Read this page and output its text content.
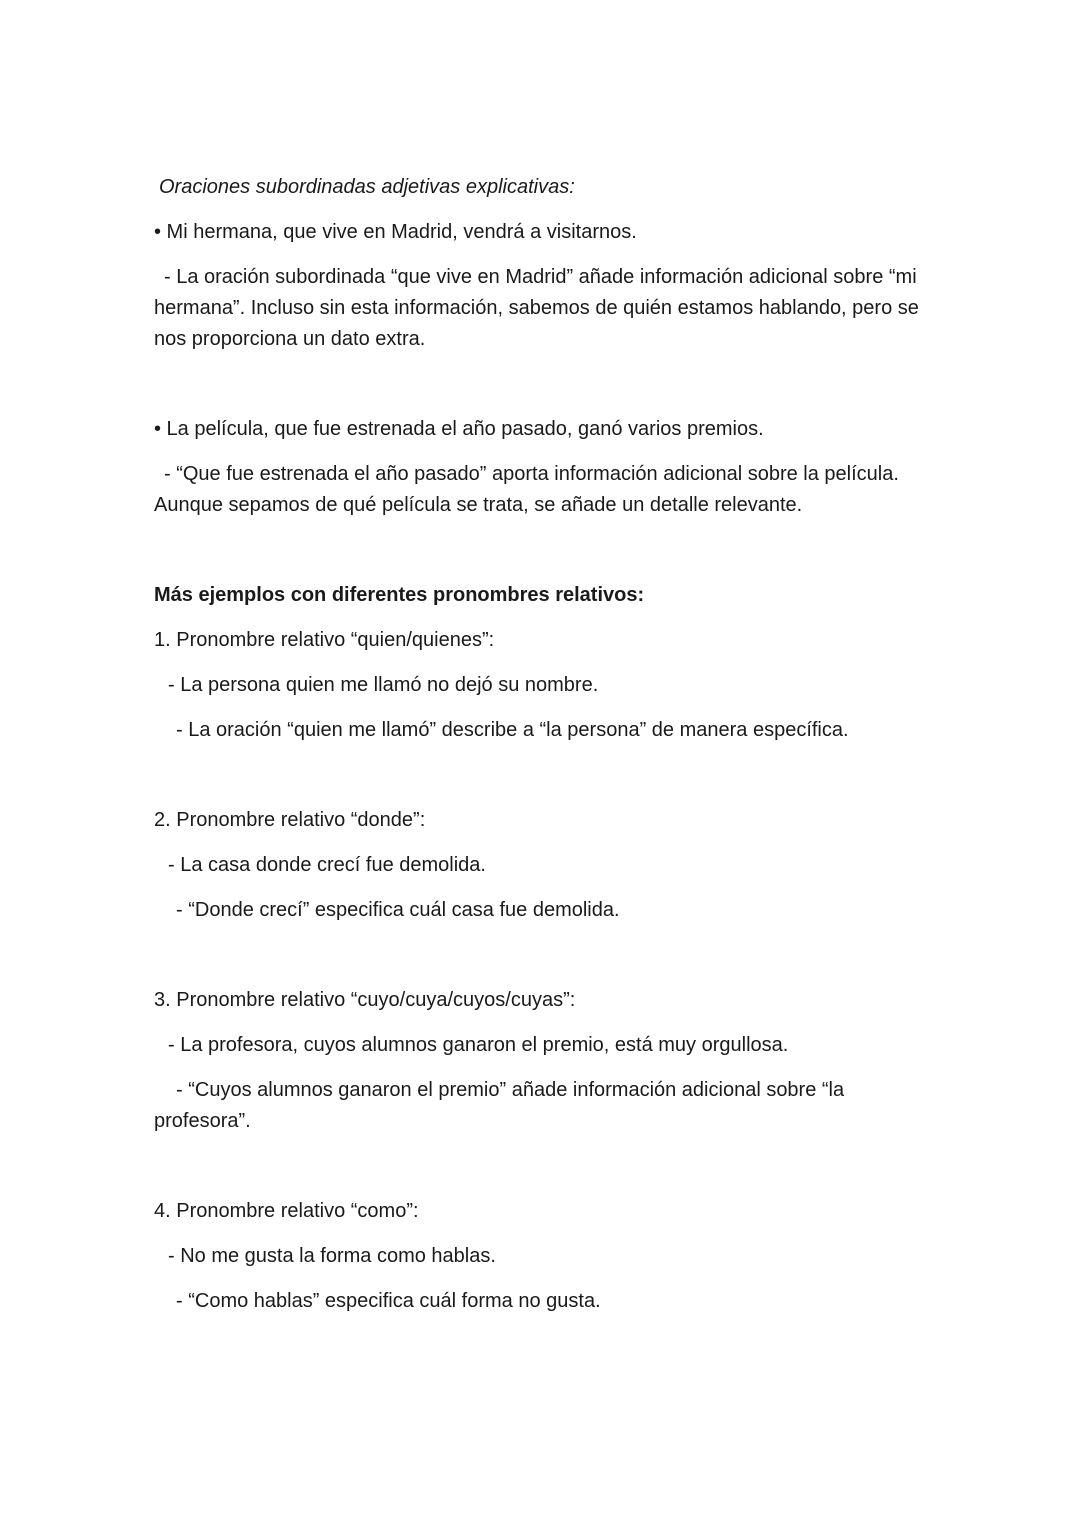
Oraciones subordinadas adjetivas explicativas:

• Mi hermana, que vive en Madrid, vendrá a visitarnos.

- La oración subordinada “que vive en Madrid” añade información adicional sobre “mi hermana”. Incluso sin esta información, sabemos de quién estamos hablando, pero se nos proporciona un dato extra.

• La película, que fue estrenada el año pasado, ganó varios premios.

- “Que fue estrenada el año pasado” aporta información adicional sobre la película. Aunque sepamos de qué película se trata, se añade un detalle relevante.

Más ejemplos con diferentes pronombres relativos:

1. Pronombre relativo “quien/quienes”:

- La persona quien me llamó no dejó su nombre.

- La oración “quien me llamó” describe a “la persona” de manera específica.

2. Pronombre relativo “donde”:

- La casa donde crecí fue demolida.

- “Donde crecí” especifica cuál casa fue demolida.

3. Pronombre relativo “cuyo/cuya/cuyos/cuyas”:

- La profesora, cuyos alumnos ganaron el premio, está muy orgullosa.

- “Cuyos alumnos ganaron el premio” añade información adicional sobre “la profesora”.

4. Pronombre relativo “como”:

- No me gusta la forma como hablas.

- “Como hablas” especifica cuál forma no gusta.
